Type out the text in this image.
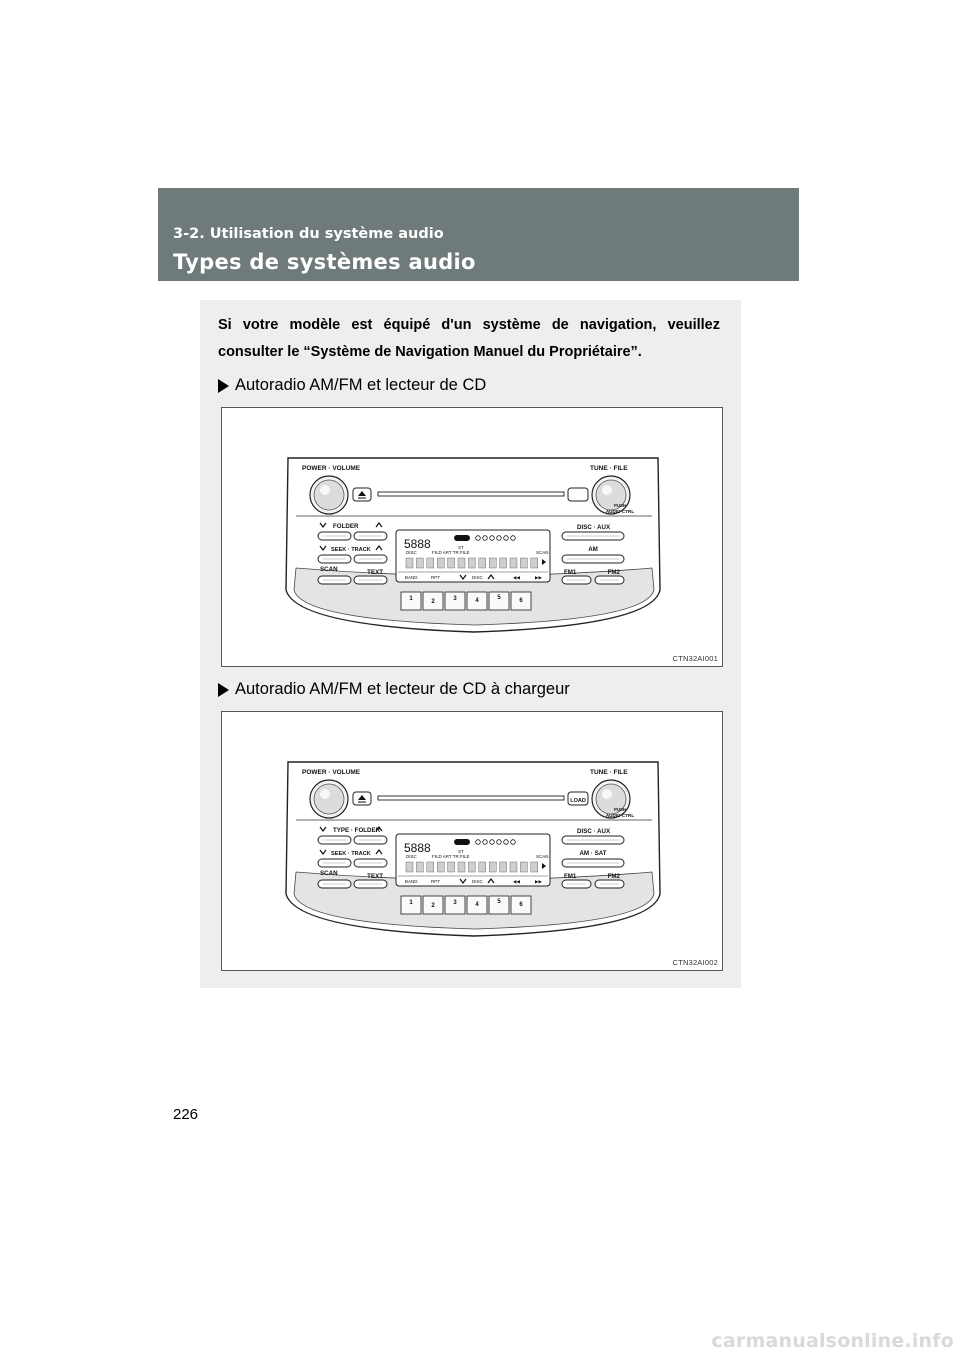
3-2. Utilisation du système audio
Types de systèmes audio
Si votre modèle est équipé d'un système de navigation, veuillez consulter le “Système de Navigation Manuel du Propriétaire”.
Autoradio AM/FM et lecteur de CD
POWER · VOLUME	TUNE · FILE
PUSH
AUDIO CTRL
FOLDER
SEEK · TRACK
SCAN	TEXT
5888	ST
DISC	FILD ART TR FILE	SCAN
BAND	RPT	DISC	◀◀	▶▶
DISC · AUX
AM
FM1	FM2
1	2	3	4	5	6
CTN32AI001
Autoradio AM/FM et lecteur de CD à chargeur
POWER · VOLUME	TUNE · FILE
LOAD
PUSH
AUDIO CTRL
TYPE · FOLDER
SEEK · TRACK
SCAN	TEXT
5888	ST
DISC	FILD ART TR FILE	SCAN
BAND	RPT	DISC	◀◀	▶▶
DISC · AUX
AM · SAT
FM1	FM2
1	2	3	4	5	6
CTN32AI002
226
carmanualsonline.info
